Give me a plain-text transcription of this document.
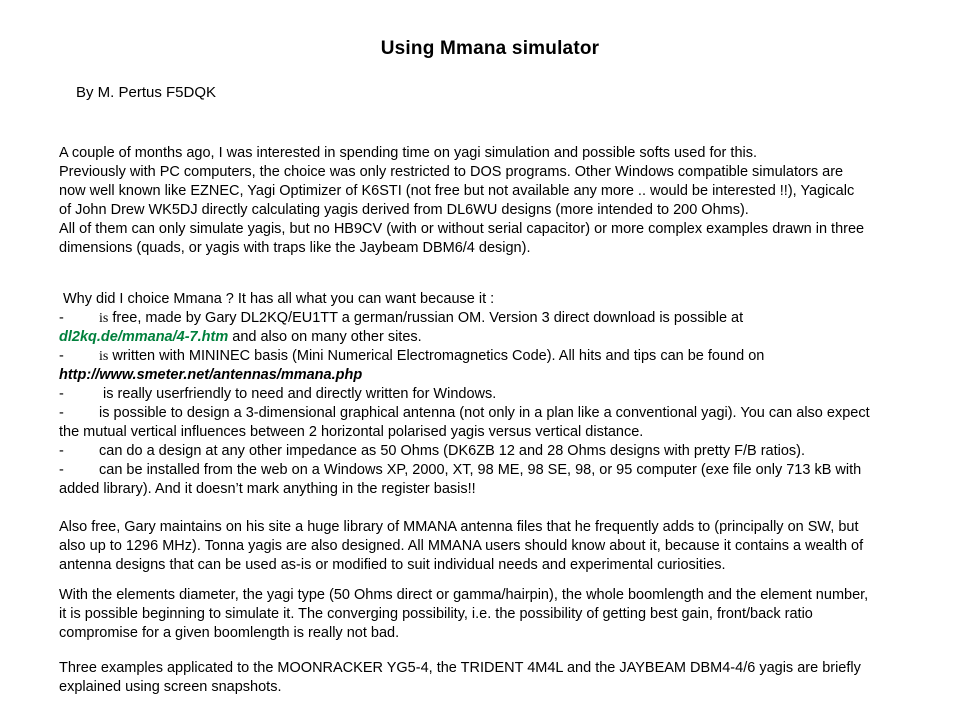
Using Mmana simulator
By M. Pertus F5DQK
A couple of months ago, I was interested in spending time on yagi simulation and possible softs used for this.
Previously with PC computers, the choice was only restricted to DOS programs. Other Windows compatible simulators are
now well known like EZNEC, Yagi Optimizer of K6STI (not free but not available any more .. would be interested !!), Yagicalc
of John Drew WK5DJ directly calculating yagis derived from DL6WU designs (more intended to 200 Ohms).
All of them can only simulate yagis, but no HB9CV (with or without serial capacitor) or more complex examples drawn in three
dimensions (quads, or yagis with traps like the Jaybeam DBM6/4 design).
Why did I choice Mmana ? It has all what you can want because it :
-	is free, made by Gary DL2KQ/EU1TT a german/russian OM. Version 3 direct download is possible at
dl2kq.de/mmana/4-7.htm and also on many other sites.
-	is written with MININEC basis (Mini Numerical Electromagnetics Code). All hits and tips can be found on
http://www.smeter.net/antennas/mmana.php
-	is really userfriendly to need and directly written for Windows.
- is possible to design a 3-dimensional graphical antenna (not only in a plan like a conventional yagi). You can also expect
the mutual vertical influences between 2 horizontal polarised yagis versus vertical distance.
- can do a design at any other impedance as 50 Ohms (DK6ZB 12 and 28 Ohms designs with pretty F/B ratios).
- can be installed from the web on a Windows XP, 2000, XT, 98 ME, 98 SE, 98, or 95 computer (exe file only 713 kB with
added library). And it doesn’t mark anything in the register basis!!
Also free, Gary maintains on his site a huge library of MMANA antenna files that he frequently adds to (principally on SW, but
also up to 1296 MHz). Tonna yagis are also designed. All MMANA users should know about it, because it contains a wealth of
antenna designs that can be used as-is or modified to suit individual needs and experimental curiosities.
With the elements diameter, the yagi type (50 Ohms direct or gamma/hairpin), the whole boomlength and the element number,
it is possible beginning to simulate it. The converging possibility, i.e. the possibility of getting best gain, front/back ratio
compromise for a given boomlength is really not bad.
Three examples applicated to the MOONRACKER YG5-4, the TRIDENT 4M4L and the JAYBEAM DBM4-4/6 yagis are briefly
explained using screen snapshots.
